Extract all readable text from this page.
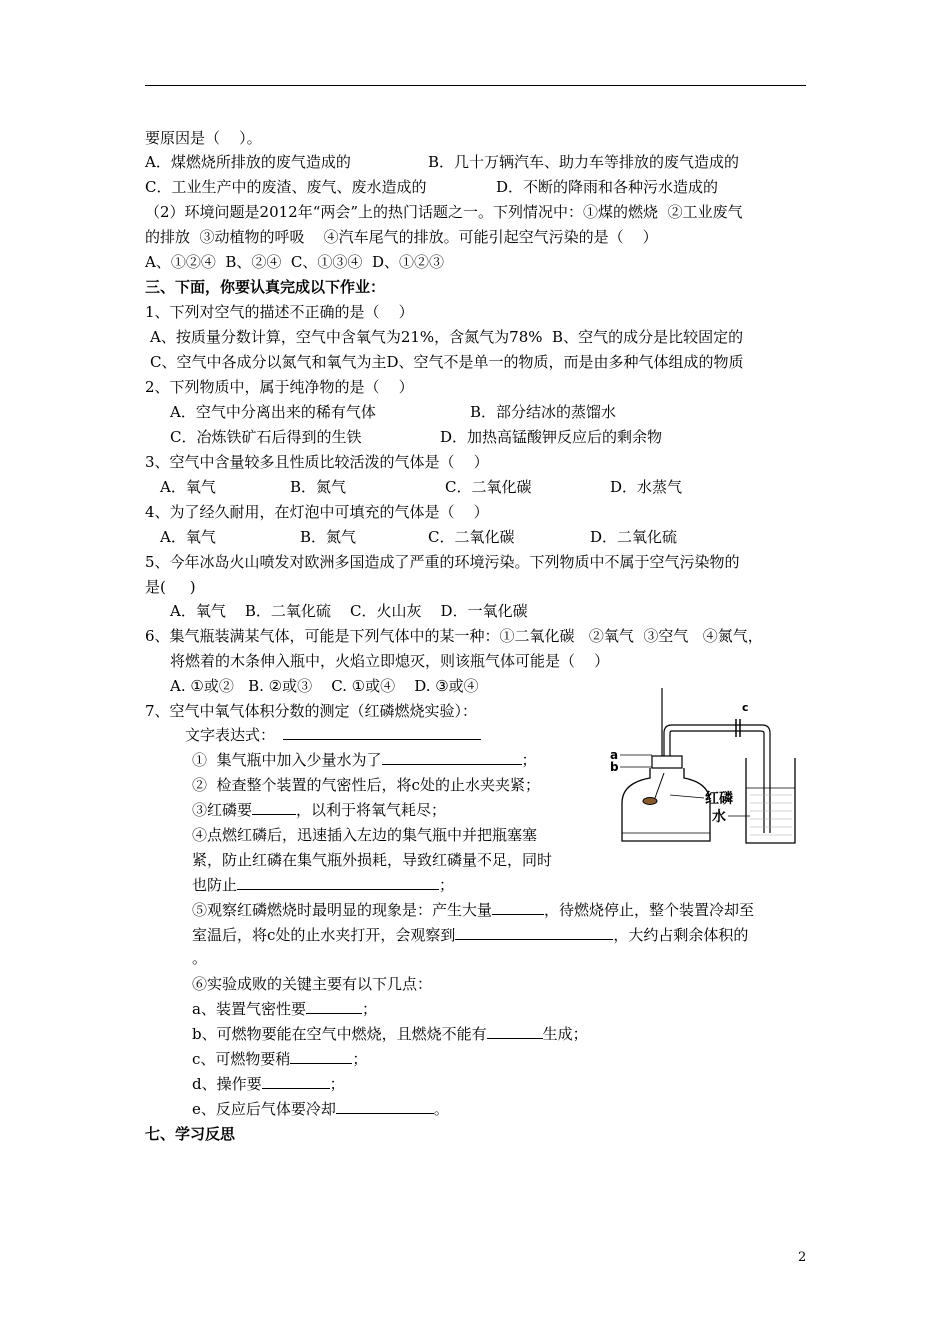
要原因是（    ）。
A．煤燃烧所排放的废气造成的	B．几十万辆汽车、助力车等排放的废气造成的
C．工业生产中的废渣、废气、废水造成的	D．不断的降雨和各种污水造成的
（2）环境问题是2012年“两会”上的热门话题之一。下列情况中：①煤的燃烧  ②工业废气
的排放  ③动植物的呼吸    ④汽车尾气的排放。可能引起空气污染的是（    ）
A、①②④  B、②④  C、①③④  D、①②③
三、下面，你要认真完成以下作业：
1、下列对空气的描述不正确的是（    ）
A、按质量分数计算，空气中含氧气为21%，含氮气为78%  B、空气的成分是比较固定的
C、空气中各成分以氮气和氧气为主D、空气不是单一的物质，而是由多种气体组成的物质
2、下列物质中，属于纯净物的是（    ）
A．空气中分离出来的稀有气体	B．部分结冰的蒸馏水
C．冶炼铁矿石后得到的生铁	D．加热高锰酸钾反应后的剩余物
3、空气中含量较多且性质比较活泼的气体是（    ）
A．氧气	B．氮气	C．二氧化碳	D．水蒸气
4、为了经久耐用，在灯泡中可填充的气体是（    ）
A．氧气	B．氮气	C．二氧化碳	D．二氧化硫
5、今年冰岛火山喷发对欧洲多国造成了严重的环境污染。下列物质中不属于空气污染物的
是(     )
A．氧气    B．二氧化硫    C．火山灰    D．一氧化碳
6、集气瓶装满某气体，可能是下列气体中的某一种：①二氧化碳   ②氧气  ③空气   ④氮气，
将燃着的木条伸入瓶中，火焰立即熄灭，则该瓶气体可能是（    ）
A. ①或②   B. ②或③    C. ①或④    D. ③或④
7、空气中氧气体积分数的测定（红磷燃烧实验）：
文字表达式：
①  集气瓶中加入少量水为了	；
②  检查整个装置的气密性后，将c处的止水夹夹紧；
③红磷要	，以利于将氧气耗尽；
④点燃红磷后，迅速插入左边的集气瓶中并把瓶塞塞
紧，防止红磷在集气瓶外损耗，导致红磷量不足，同时
也防止	；
⑤观察红磷燃烧时最明显的现象是：产生大量	，待燃烧停止，整个装置冷却至
室温后，将c处的止水夹打开，会观察到	，大约占剩余体积的
。
⑥实验成败的关键主要有以下几点：
a、装置气密性要	；
b、可燃物要能在空气中燃烧，且燃烧不能有	生成；
c、可燃物要稍	；
d、操作要	；
e、反应后气体要冷却	。
七、学习反思
c
a
b
红磷
水
2
